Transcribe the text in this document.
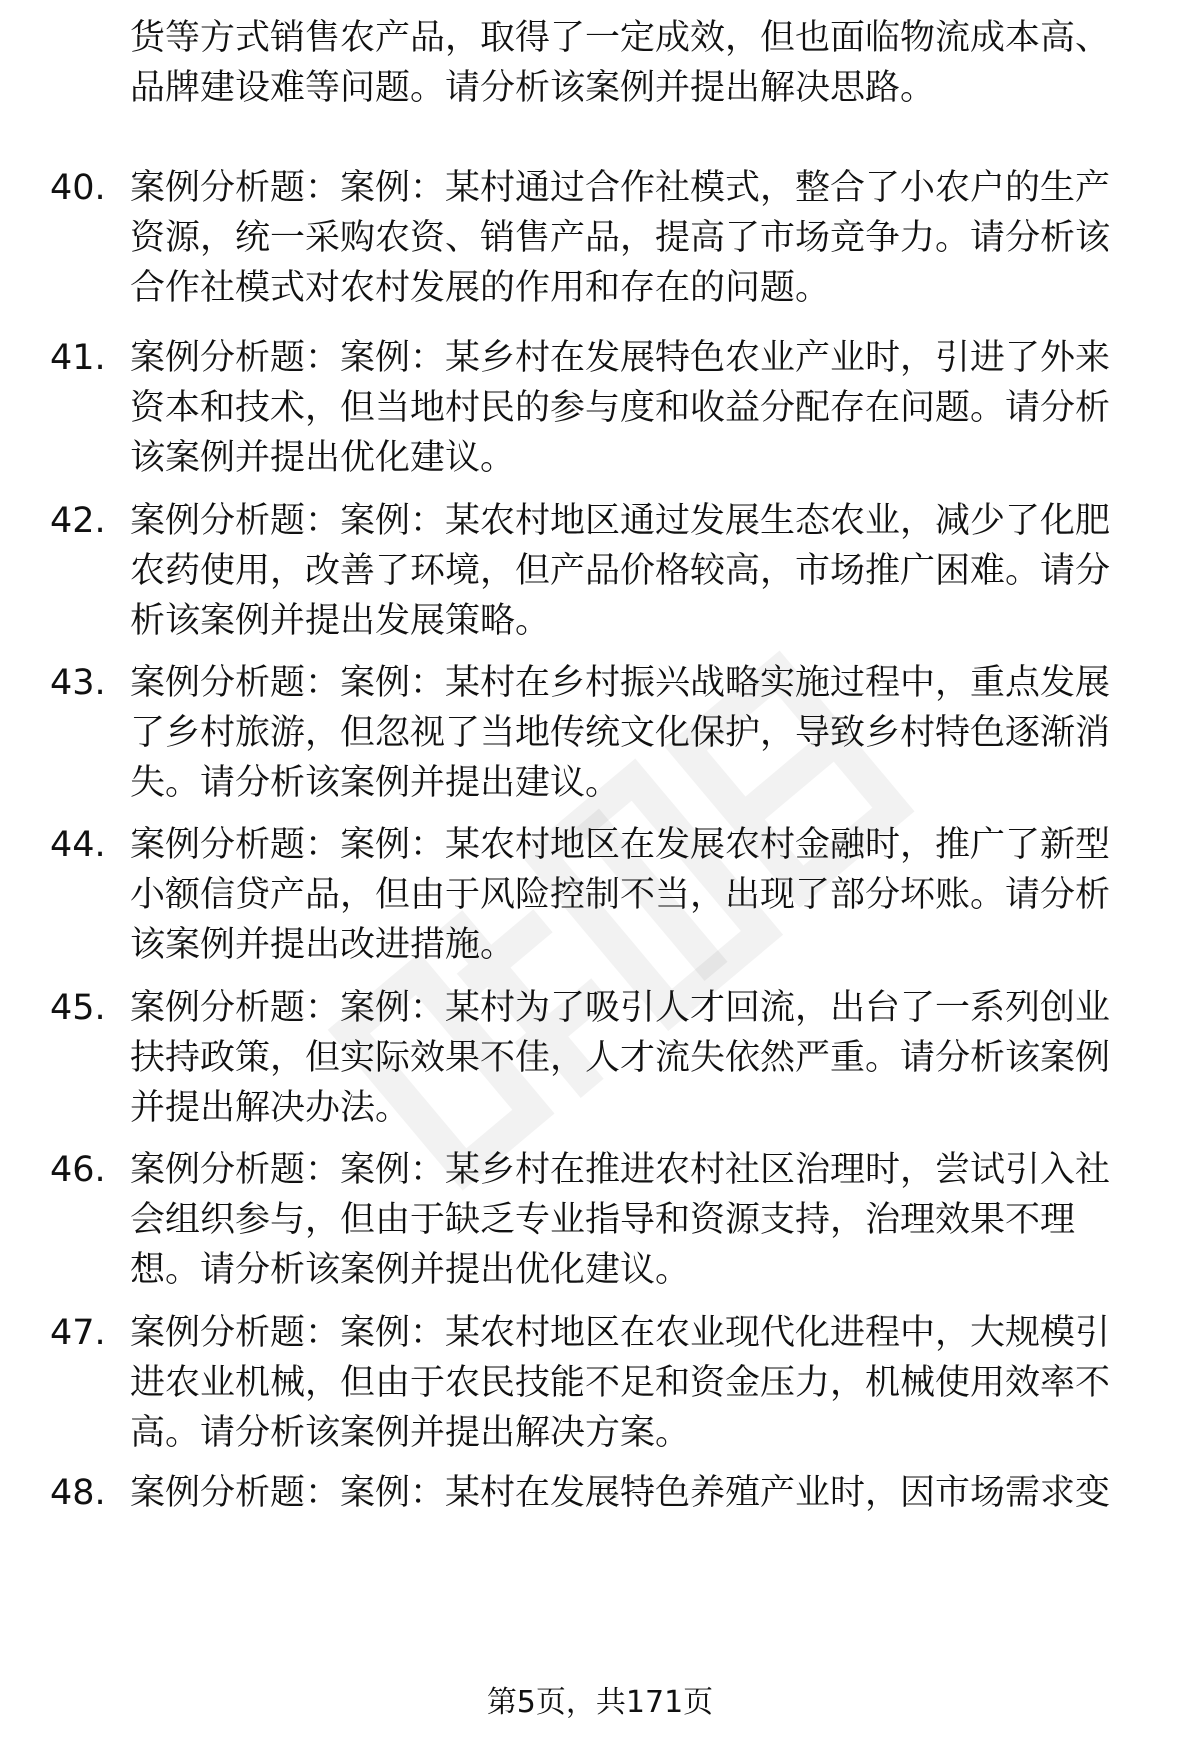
货等方式销售农产品，取得了一定成效，但也面临物流成本高、
品牌建设难等问题。请分析该案例并提出解决思路。
40. 案例分析题：案例：某村通过合作社模式，整合了小农户的生产
资源，统一采购农资、销售产品，提高了市场竞争力。请分析该
合作社模式对农村发展的作用和存在的问题。
41. 案例分析题：案例：某乡村在发展特色农业产业时，引进了外来
资本和技术，但当地村民的参与度和收益分配存在问题。请分析
该案例并提出优化建议。
42. 案例分析题：案例：某农村地区通过发展生态农业，减少了化肥
农药使用，改善了环境，但产品价格较高，市场推广困难。请分
析该案例并提出发展策略。
43. 案例分析题：案例：某村在乡村振兴战略实施过程中，重点发展
了乡村旅游，但忽视了当地传统文化保护，导致乡村特色逐渐消
失。请分析该案例并提出建议。
44. 案例分析题：案例：某农村地区在发展农村金融时，推广了新型
小额信贷产品，但由于风险控制不当，出现了部分坏账。请分析
该案例并提出改进措施。
45. 案例分析题：案例：某村为了吸引人才回流，出台了一系列创业
扶持政策，但实际效果不佳，人才流失依然严重。请分析该案例
并提出解决办法。
46. 案例分析题：案例：某乡村在推进农村社区治理时，尝试引入社
会组织参与，但由于缺乏专业指导和资源支持，治理效果不理
想。请分析该案例并提出优化建议。
47. 案例分析题：案例：某农村地区在农业现代化进程中，大规模引
进农业机械，但由于农民技能不足和资金压力，机械使用效率不
高。请分析该案例并提出解决方案。
48. 案例分析题：案例：某村在发展特色养殖产业时，因市场需求变
第5页，共171页
